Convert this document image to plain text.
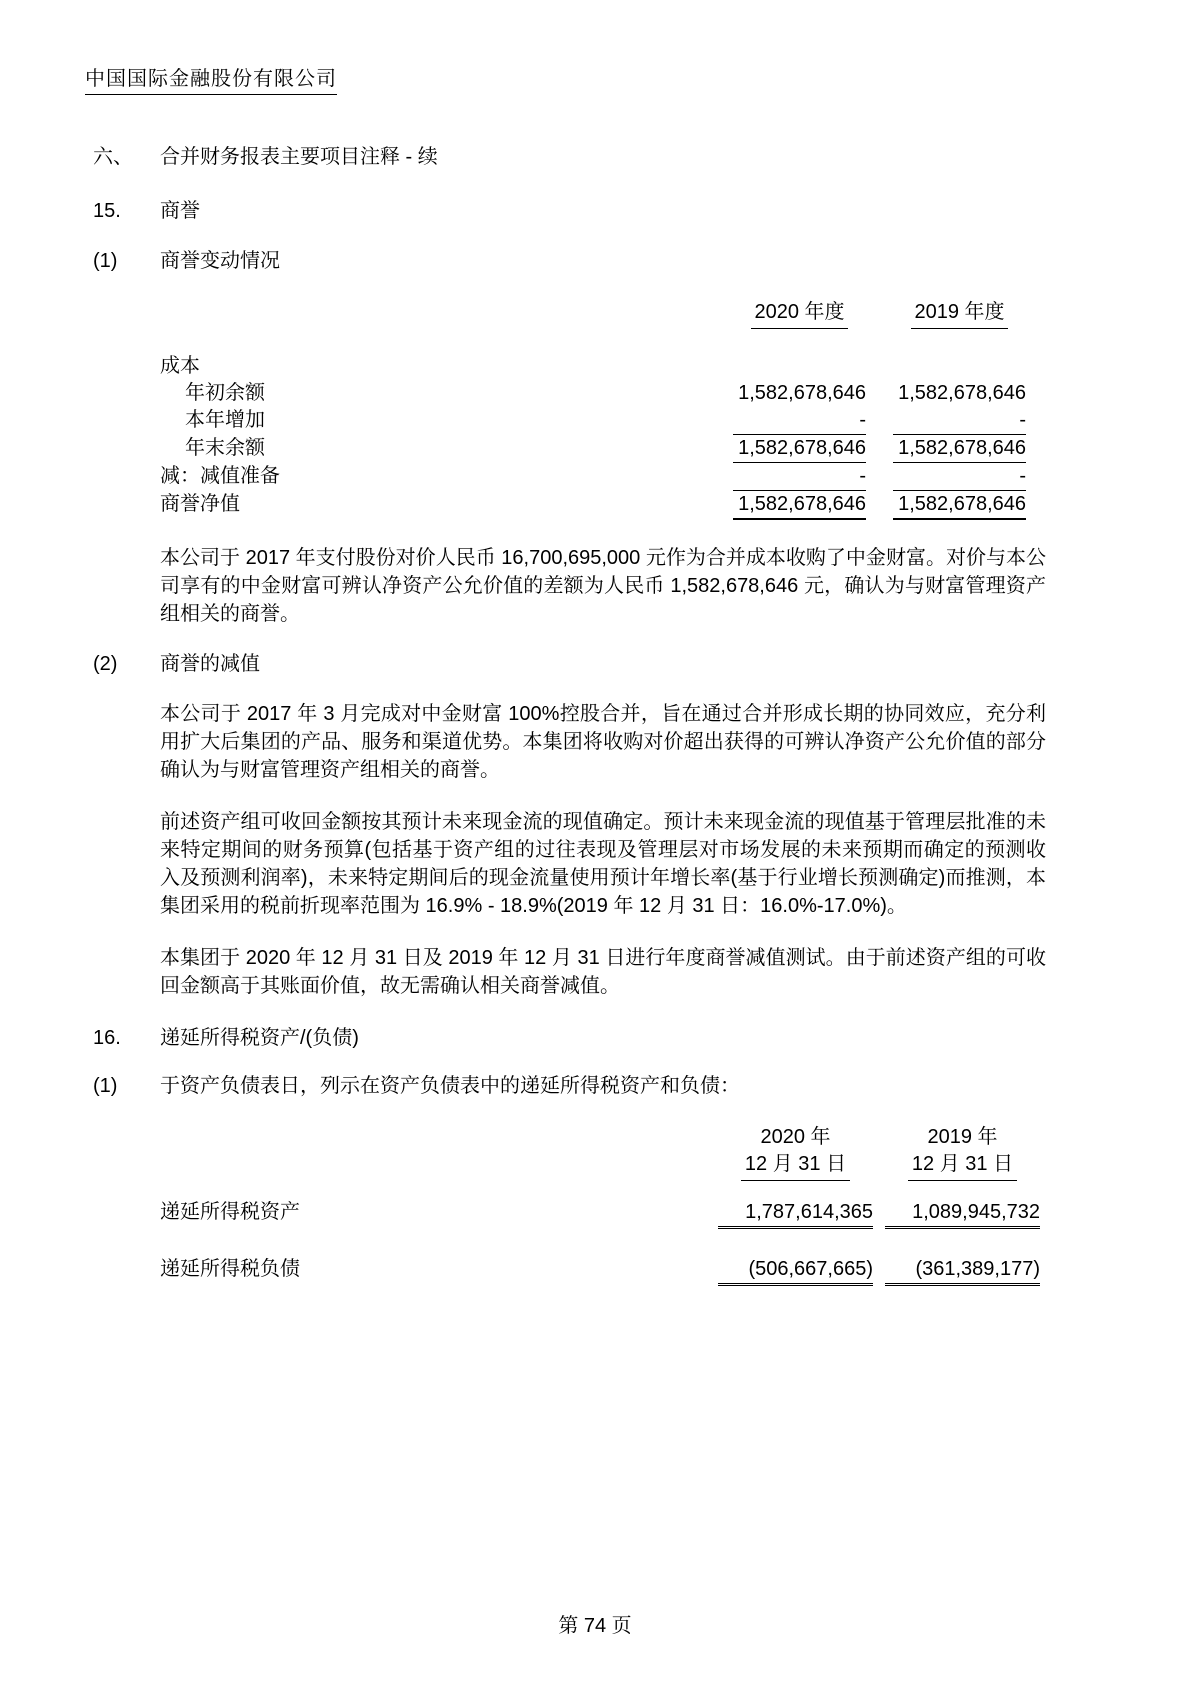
中国国际金融股份有限公司
六、	合并财务报表主要项目注释 - 续
15.	商誉
(1)	商誉变动情况
2020 年度	2019 年度
成本
年初余额	1,582,678,646 1,582,678,646
本年增加	-	-
年末余额	1,582,678,646 1,582,678,646
减：减值准备	-	-
商誉净值	1,582,678,646 1,582,678,646
本公司于 2017 年支付股份对价人民币 16,700,695,000 元作为合并成本收购了中金财富。对价与本公司享有的中金财富可辨认净资产公允价值的差额为人民币 1,582,678,646 元，确认为与财富管理资产组相关的商誉。
(2)	商誉的减值
本公司于 2017 年 3 月完成对中金财富 100%控股合并，旨在通过合并形成长期的协同效应，充分利用扩大后集团的产品、服务和渠道优势。本集团将收购对价超出获得的可辨认净资产公允价值的部分确认为与财富管理资产组相关的商誉。
前述资产组可收回金额按其预计未来现金流的现值确定。预计未来现金流的现值基于管理层批准的未来特定期间的财务预算(包括基于资产组的过往表现及管理层对市场发展的未来预期而确定的预测收入及预测利润率)，未来特定期间后的现金流量使用预计年增长率(基于行业增长预测确定)而推测，本集团采用的税前折现率范围为 16.9% - 18.9%(2019 年 12 月 31 日：16.0%-17.0%)。
本集团于 2020 年 12 月 31 日及 2019 年 12 月 31 日进行年度商誉减值测试。由于前述资产组的可收回金额高于其账面价值，故无需确认相关商誉减值。
16.	递延所得税资产/(负债)
(1)	于资产负债表日，列示在资产负债表中的递延所得税资产和负债：
2020 年	2019 年
12 月 31 日	12 月 31 日
递延所得税资产	1,787,614,365	1,089,945,732
递延所得税负债	(506,667,665)	(361,389,177)
第 74 页
